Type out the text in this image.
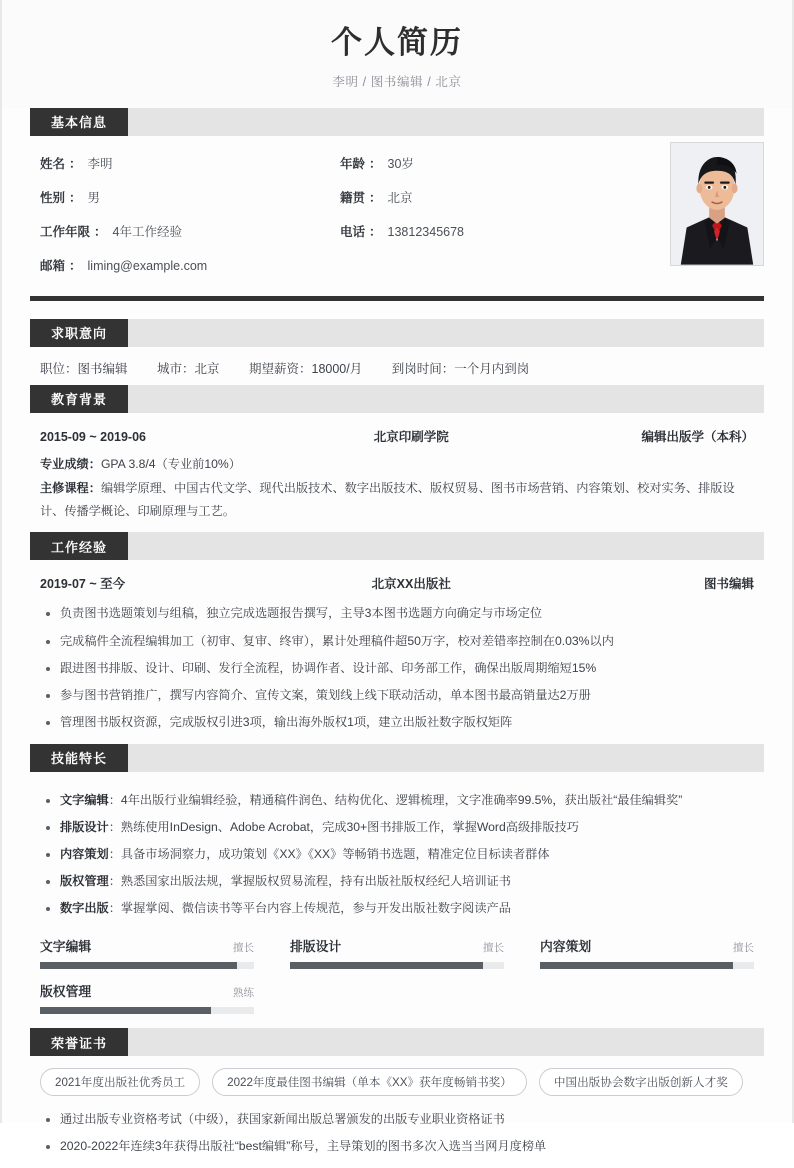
个人简历
李明 / 图书编辑 / 北京
基本信息
姓名 ： 李明	年龄 ： 30岁
性别 ： 男	籍贯 ： 北京
工作年限 ： 4年工作经验	电话 ： 13812345678
邮箱 ： liming@example.com
求职意向
职位：图书编辑 城市：北京 期望薪资：18000/月 到岗时间：一个月内到岗
教育背景
2015-09 ~ 2019-06	北京印刷学院	编辑出版学（本科）
专业成绩：GPA 3.8/4（专业前10%）
主修课程：编辑学原理、中国古代文学、现代出版技术、数字出版技术、版权贸易、图书市场营销、内容策划、校对实务、排版设计、传播学概论、印刷原理与工艺。
工作经验
2019-07 ~ 至今	北京XX出版社	图书编辑
负责图书选题策划与组稿，独立完成选题报告撰写，主导3本图书选题方向确定与市场定位
完成稿件全流程编辑加工（初审、复审、终审），累计处理稿件超50万字，校对差错率控制在0.03%以内
跟进图书排版、设计、印刷、发行全流程，协调作者、设计部、印务部工作，确保出版周期缩短15%
参与图书营销推广，撰写内容简介、宣传文案，策划线上线下联动活动，单本图书最高销量达2万册
管理图书版权资源，完成版权引进3项，输出海外版权1项，建立出版社数字版权矩阵
技能特长
文字编辑：4年出版行业编辑经验，精通稿件润色、结构优化、逻辑梳理，文字准确率99.5%，获出版社“最佳编辑奖”
排版设计：熟练使用InDesign、Adobe Acrobat，完成30+图书排版工作，掌握Word高级排版技巧
内容策划：具备市场洞察力，成功策划《XX》《XX》等畅销书选题，精准定位目标读者群体
版权管理：熟悉国家出版法规，掌握版权贸易流程，持有出版社版权经纪人培训证书
数字出版：掌握掌阅、微信读书等平台内容上传规范，参与开发出版社数字阅读产品
文字编辑	擅长	排版设计	擅长	内容策划	擅长
版权管理	熟练
荣誉证书
2021年度出版社优秀员工	2022年度最佳图书编辑（单本《XX》获年度畅销书奖）	中国出版协会数字出版创新人才奖
通过出版专业资格考试（中级），获国家新闻出版总署颁发的出版专业职业资格证书
2020-2022年连续3年获得出版社“best编辑”称号，主导策划的图书多次入选当当网月度榜单
